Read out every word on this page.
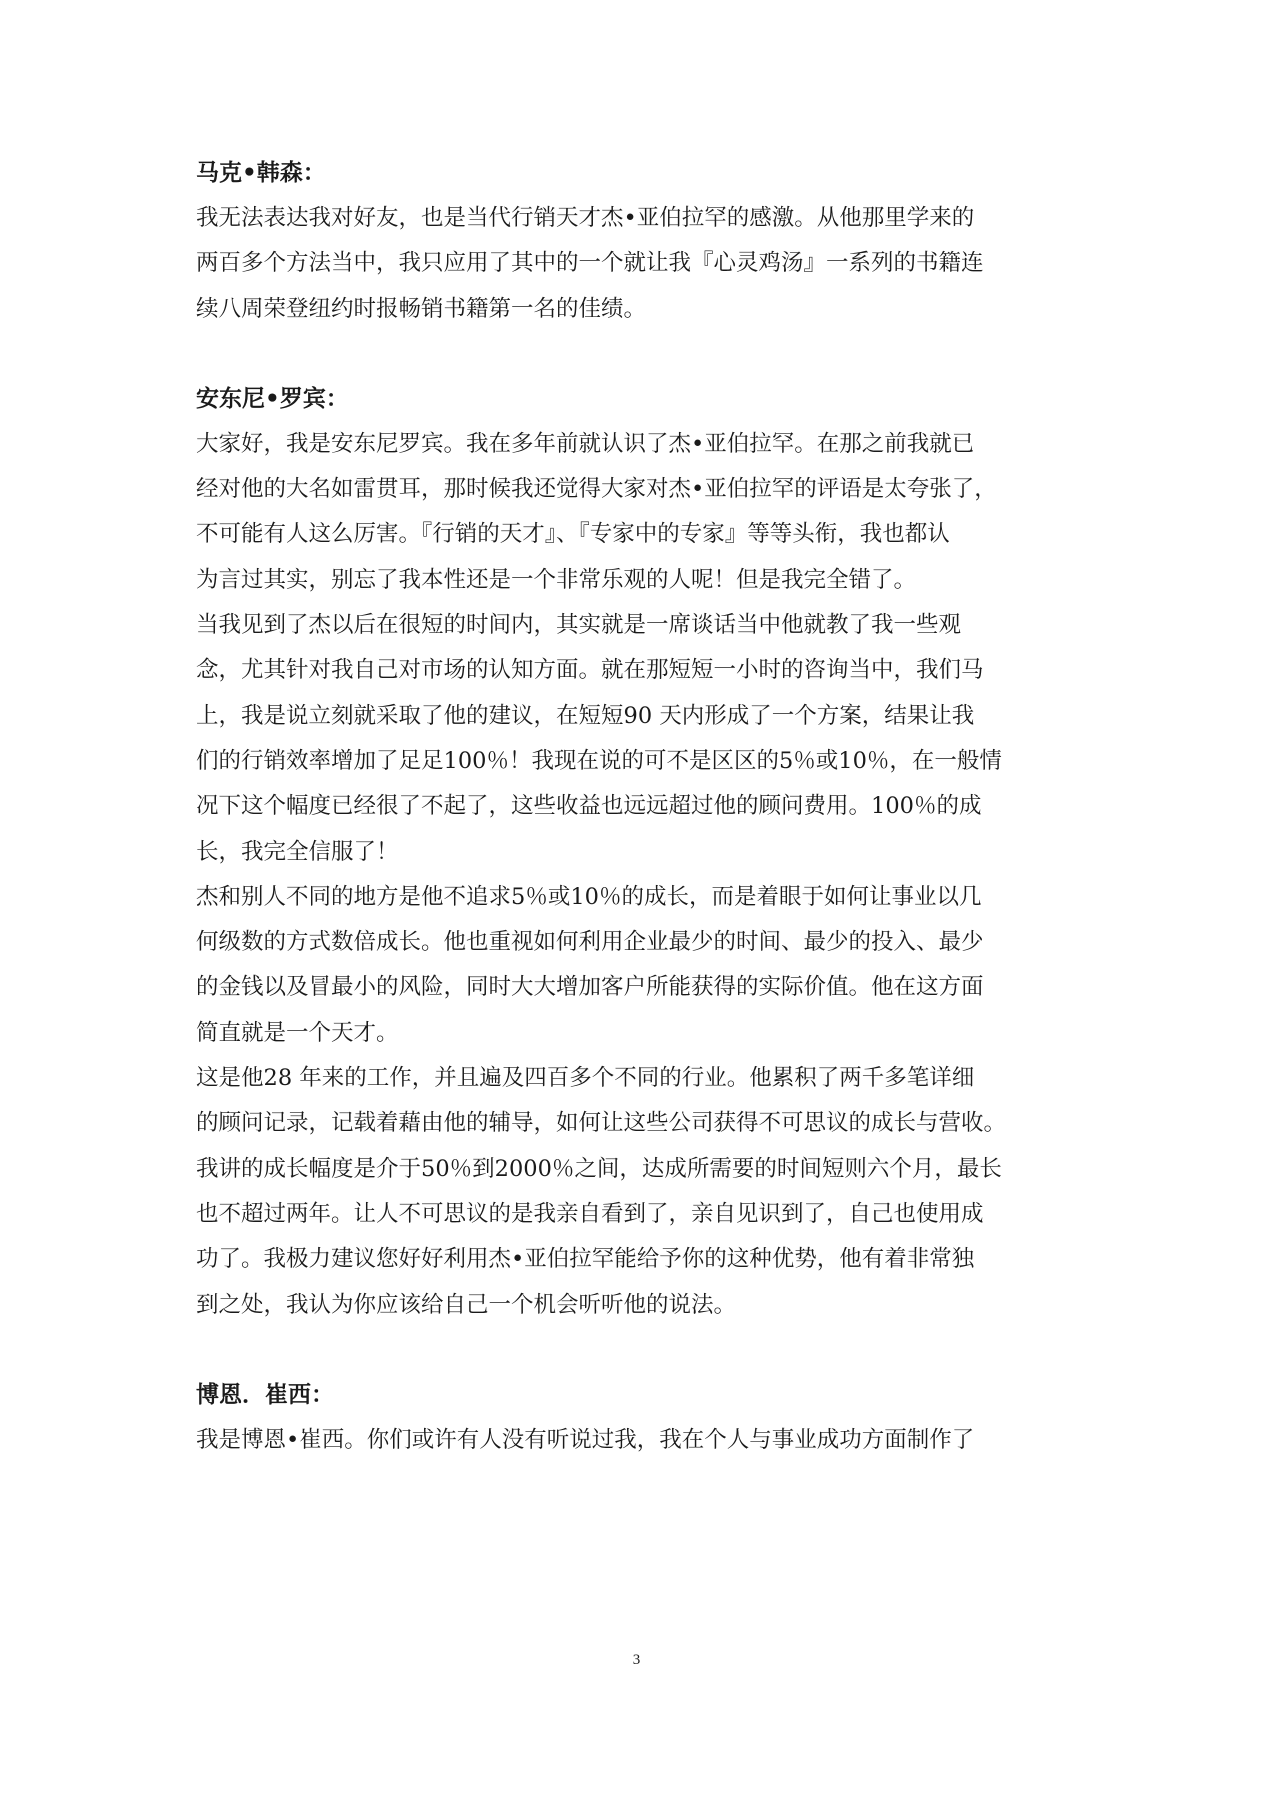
马克•韩森：

我无法表达我对好友，也是当代行销天才杰•亚伯拉罕的感激。从他那里学来的

两百多个方法当中，我只应用了其中的一个就让我『心灵鸡汤』一系列的书籍连

续八周荣登纽约时报畅销书籍第一名的佳绩。

安东尼•罗宾：

大家好，我是安东尼罗宾。我在多年前就认识了杰•亚伯拉罕。在那之前我就已

经对他的大名如雷贯耳，那时候我还觉得大家对杰•亚伯拉罕的评语是太夸张了，

不可能有人这么厉害。『行销的天才』、『专家中的专家』等等头衔，我也都认

为言过其实，别忘了我本性还是一个非常乐观的人呢！但是我完全错了。

当我见到了杰以后在很短的时间内，其实就是一席谈话当中他就教了我一些观

念，尤其针对我自己对市场的认知方面。就在那短短一小时的咨询当中，我们马

上，我是说立刻就采取了他的建议，在短短90 天内形成了一个方案，结果让我

们的行销效率增加了足足100％！我现在说的可不是区区的5％或10％，在一般情

况下这个幅度已经很了不起了，这些收益也远远超过他的顾问费用。100％的成

长，我完全信服了！

杰和别人不同的地方是他不追求5％或10％的成长，而是着眼于如何让事业以几

何级数的方式数倍成长。他也重视如何利用企业最少的时间、最少的投入、最少

的金钱以及冒最小的风险，同时大大增加客户所能获得的实际价值。他在这方面

简直就是一个天才。

这是他28 年来的工作，并且遍及四百多个不同的行业。他累积了两千多笔详细

的顾问记录，记载着藉由他的辅导，如何让这些公司获得不可思议的成长与营收。

我讲的成长幅度是介于50％到2000％之间，达成所需要的时间短则六个月，最长

也不超过两年。让人不可思议的是我亲自看到了，亲自见识到了，自己也使用成

功了。我极力建议您好好利用杰•亚伯拉罕能给予你的这种优势，他有着非常独

到之处，我认为你应该给自己一个机会听听他的说法。

博恩．崔西：

我是博恩•崔西。你们或许有人没有听说过我，我在个人与事业成功方面制作了

3
